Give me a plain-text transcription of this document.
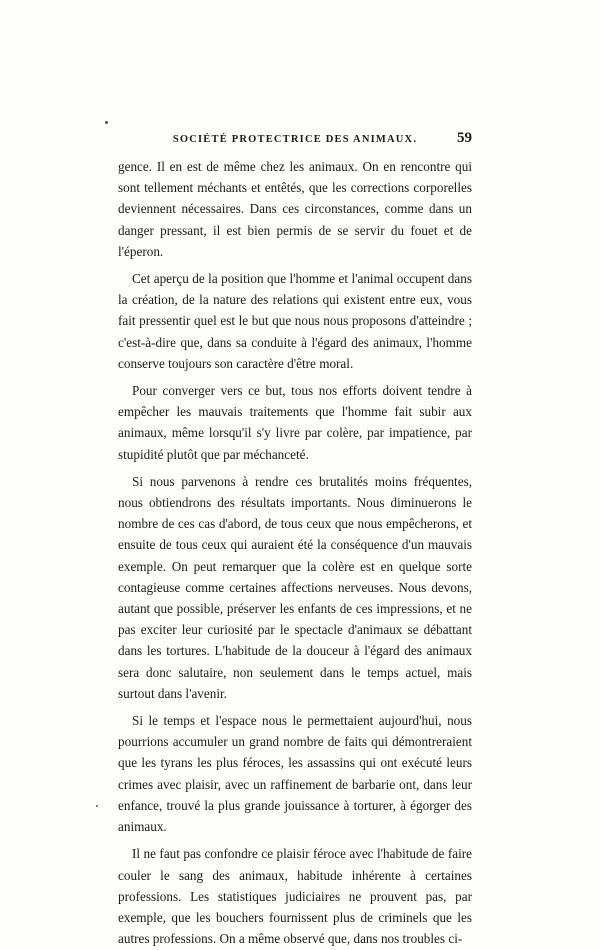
SOCIÉTÉ PROTECTRICE DES ANIMAUX.	59

gence. Il en est de même chez les animaux. On en rencontre qui sont tellement méchants et entêtés, que les corrections corporelles deviennent nécessaires. Dans ces circonstances, comme dans un danger pressant, il est bien permis de se servir du fouet et de l'éperon.

Cet aperçu de la position que l'homme et l'animal occupent dans la création, de la nature des relations qui existent entre eux, vous fait pressentir quel est le but que nous nous proposons d'atteindre ; c'est-à-dire que, dans sa conduite à l'égard des animaux, l'homme conserve toujours son caractère d'être moral.

Pour converger vers ce but, tous nos efforts doivent tendre à empêcher les mauvais traitements que l'homme fait subir aux animaux, même lorsqu'il s'y livre par colère, par impatience, par stupidité plutôt que par méchanceté.

Si nous parvenons à rendre ces brutalités moins fréquentes, nous obtiendrons des résultats importants. Nous diminuerons le nombre de ces cas d'abord, de tous ceux que nous empêcherons, et ensuite de tous ceux qui auraient été la conséquence d'un mauvais exemple. On peut remarquer que la colère est en quelque sorte contagieuse comme certaines affections nerveuses. Nous devons, autant que possible, préserver les enfants de ces impressions, et ne pas exciter leur curiosité par le spectacle d'animaux se débattant dans les tortures. L'habitude de la douceur à l'égard des animaux sera donc salutaire, non seulement dans le temps actuel, mais surtout dans l'avenir.

Si le temps et l'espace nous le permettaient aujourd'hui, nous pourrions accumuler un grand nombre de faits qui démontreraient que les tyrans les plus féroces, les assassins qui ont exécuté leurs crimes avec plaisir, avec un raffinement de barbarie ont, dans leur enfance, trouvé la plus grande jouissance à torturer, à égorger des animaux.

Il ne faut pas confondre ce plaisir féroce avec l'habitude de faire couler le sang des animaux, habitude inhérente à certaines professions. Les statistiques judiciaires ne prouvent pas, par exemple, que les bouchers fournissent plus de criminels que les autres professions. On a même observé que, dans nos troubles ci-
